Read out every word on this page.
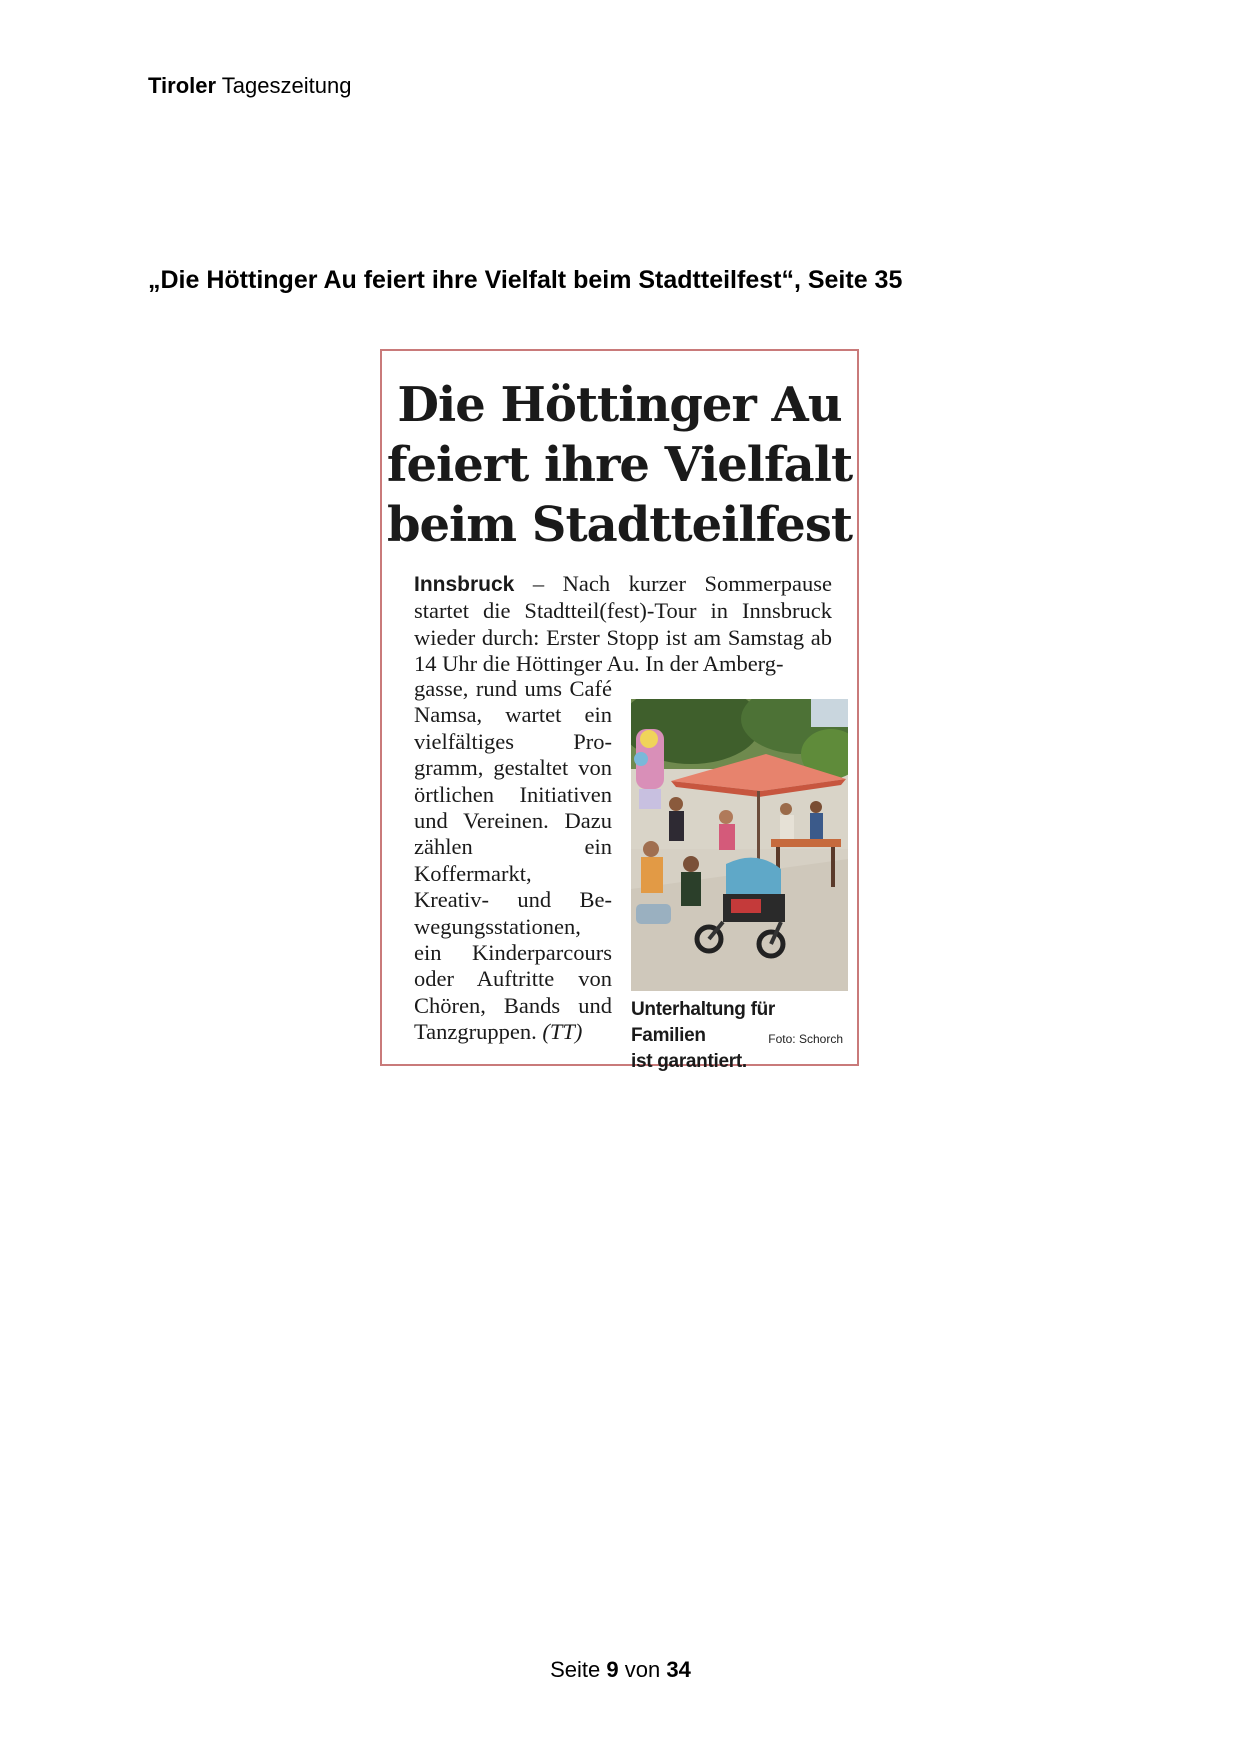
Tiroler Tageszeitung
„Die Höttinger Au feiert ihre Vielfalt beim Stadtteilfest“, Seite 35
Die Höttinger Au
feiert ihre Vielfalt
beim Stadtteilfest
Innsbruck – Nach kurzer Sommerpause startet die Stadtteil(fest)-Tour in Innsbruck wieder durch: Erster Stopp ist am Samstag ab 14 Uhr die Höttinger Au. In der Amberg-
gasse, rund ums Café Namsa, wartet ein vielfältiges Programm, gestaltet von örtlichen Initiativen und Vereinen. Dazu zählen ein Koffermarkt, Kreativ- und Bewegungsstationen, ein Kinderparcours oder Auftritte von Chören, Bands und Tanzgruppen. (TT)
Unterhaltung für Familien
ist garantiert.
Foto: Schorch
Seite 9 von 34
